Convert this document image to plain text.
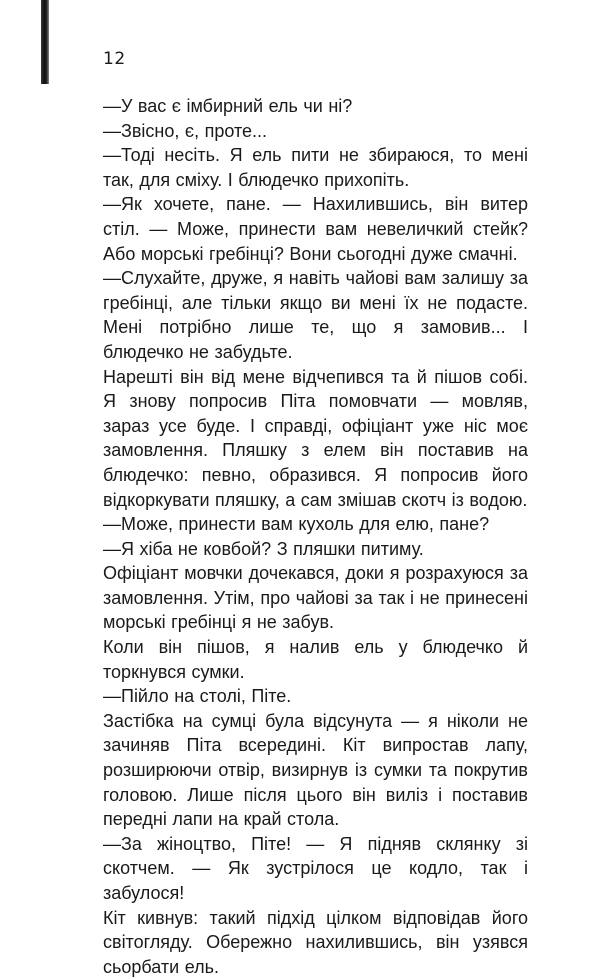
12

—У вас є імбирний ель чи ні?

—Звісно, є, проте...

—Тоді несіть. Я ель пити не збираюся, то мені так, для сміху. І блюдечко прихопіть.

—Як хочете, пане. — Нахилившись, він витер стіл. — Може, принести вам невеличкий стейк? Або морські гребінці? Вони сьогодні дуже смачні.

—Слухайте, друже, я навіть чайові вам залишу за гребінці, але тільки якщо ви мені їх не подасте. Мені потрібно лише те, що я замовив... І блюдечко не забудьте.

Нарешті він від мене відчепився та й пішов собі. Я знову попросив Піта помовчати — мовляв, зараз усе буде. І справді, офіціант уже ніс моє замовлення. Пляшку з елем він поставив на блюдечко: певно, образився. Я попросив його відкоркувати пляшку, а сам змішав скотч із водою.

—Може, принести вам кухоль для елю, пане?

—Я хіба не ковбой? З пляшки питиму.

Офіціант мовчки дочекався, доки я розрахуюся за замовлення. Утім, про чайові за так і не принесені морські гребінці я не забув.

Коли він пішов, я налив ель у блюдечко й торкнувся сумки.

—Пійло на столі, Піте.

Застібка на сумці була відсунута — я ніколи не зачиняв Піта всередині. Кіт випростав лапу, розширюючи отвір, визирнув із сумки та покрутив головою. Лише після цього він виліз і поставив передні лапи на край стола.

—За жіноцтво, Піте! — Я підняв склянку зі скотчем. — Як зустрілося це кодло, так і забулося!

Кіт кивнув: такий підхід цілком відповідав його світогляду. Обережно нахилившись, він узявся сьорбати ель.
